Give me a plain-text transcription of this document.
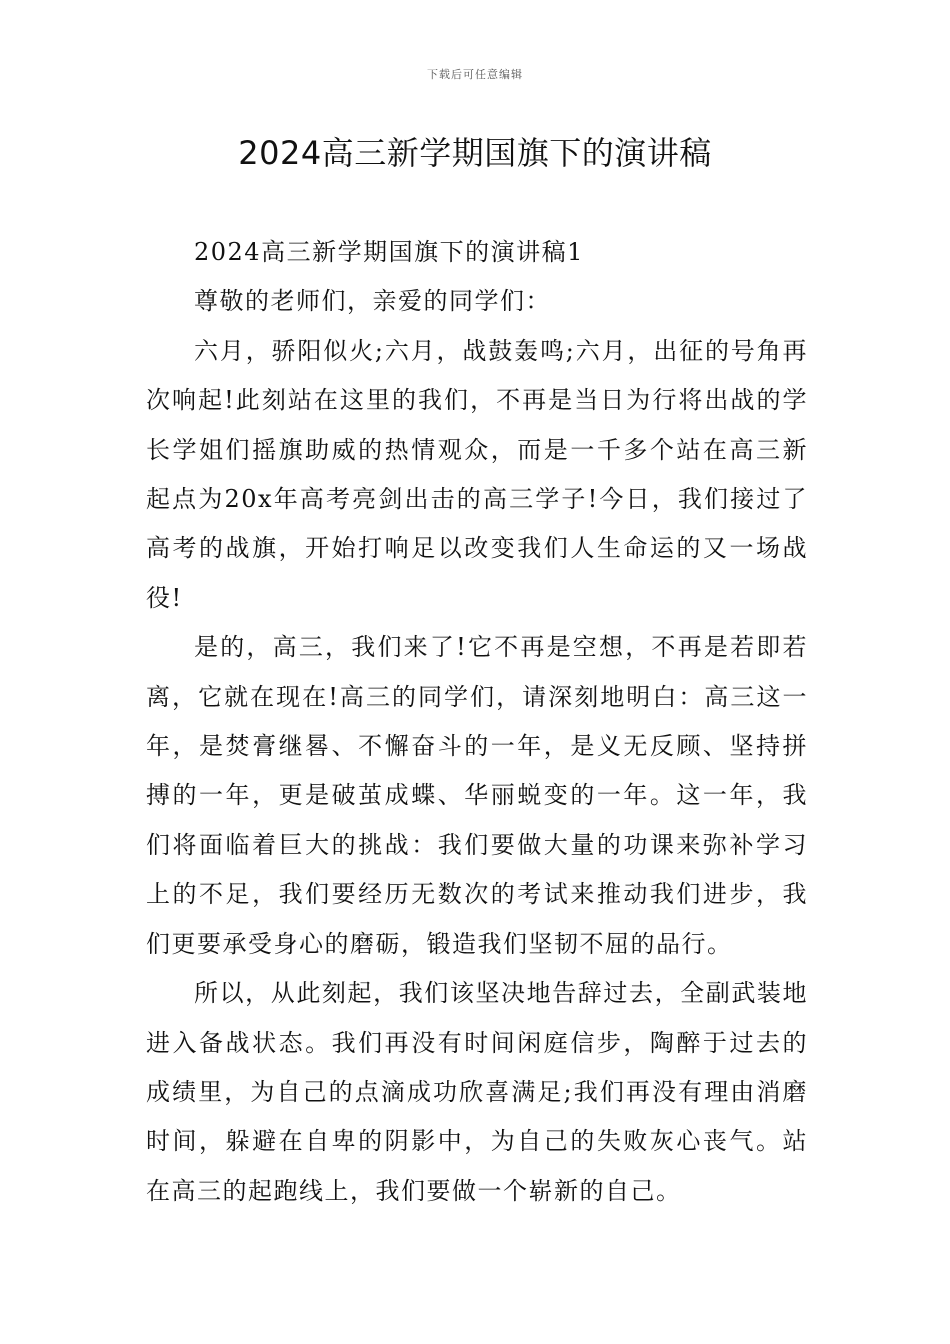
下载后可任意编辑
2024高三新学期国旗下的演讲稿

2024高三新学期国旗下的演讲稿1

尊敬的老师们，亲爱的同学们：

六月，骄阳似火;六月，战鼓轰鸣;六月，出征的号角再次响起!此刻站在这里的我们，不再是当日为行将出战的学长学姐们摇旗助威的热情观众，而是一千多个站在高三新起点为20x年高考亮剑出击的高三学子!今日，我们接过了高考的战旗，开始打响足以改变我们人生命运的又一场战役!

是的，高三，我们来了!它不再是空想，不再是若即若离，它就在现在!高三的同学们，请深刻地明白：高三这一年，是焚膏继晷、不懈奋斗的一年，是义无反顾、坚持拼搏的一年，更是破茧成蝶、华丽蜕变的一年。这一年，我们将面临着巨大的挑战：我们要做大量的功课来弥补学习上的不足，我们要经历无数次的考试来推动我们进步，我们更要承受身心的磨砺，锻造我们坚韧不屈的品行。

所以，从此刻起，我们该坚决地告辞过去，全副武装地进入备战状态。我们再没有时间闲庭信步，陶醉于过去的成绩里，为自己的点滴成功欣喜满足;我们再没有理由消磨时间，躲避在自卑的阴影中，为自己的失败灰心丧气。站在高三的起跑线上，我们要做一个崭新的自己。
